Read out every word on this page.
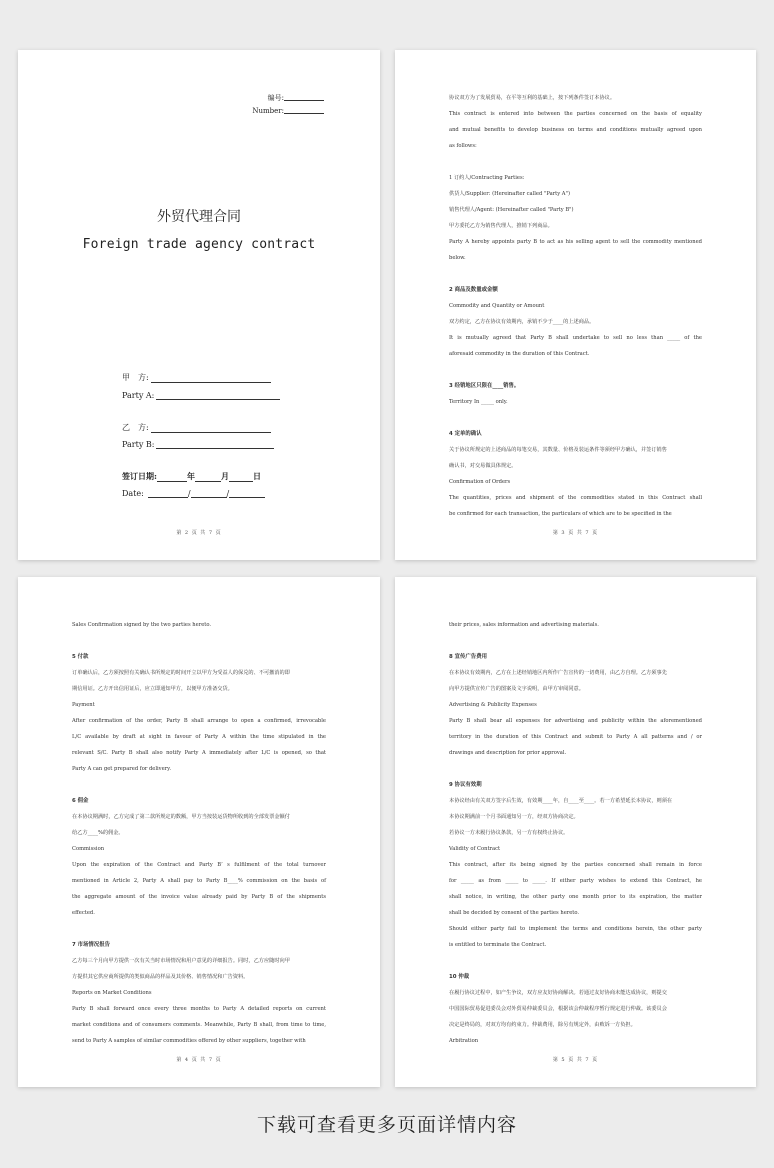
编号:
Number:
外贸代理合同
Foreign trade agency contract
甲　方:
Party A:
乙　方:
Party B:
签订日期:	年	月	日
Date:	/	/
第 2 页 共 7 页

协议双方为了发展贸易，在平等互利的基础上，按下列条件签订本协议。

This contract is entered into between the parties concerned on the basis of equality

and mutual benefits to develop business on terms and conditions mutually agreed upon

as follows:

1 订约人/Contracting Parties:

供货人/Supplier: (Hereinafter called "Party A")

销售代理人/Agent: (Hereinafter called "Party B")

甲方委托乙方为销售代理人，推销下列商品。

Party A hereby appoints party B to act as his selling agent to sell the commodity mentioned

below.

2 商品及数量或金额

Commodity and Quantity or Amount

双方约定，乙方在协议有效期内，承销不少于____的上述商品。

It is mutually agreed that Party B shall undertake to sell no less than _____ of the

aforesaid commodity in the duration of this Contract.

3 经销地区只限在____销售。

Territory In _____ only.

4 定单的确认

关于协议所规定的上述商品的每笔交易，其数量、价格及装运条件等须经甲方确认，并签订销售

确认书，对交易做具体规定。

Confirmation of Orders

The quantities, prices and shipment of the commodities stated in this Contract shall

be confirmed for each transaction, the particulars of which are to be specified in the

第 3 页 共 7 页

Sales Confirmation signed by the two parties hereto.

5 付款

订单确认后，乙方须按照有关确认书所规定的时间开立以甲方为受益人的保兑的、不可撤消的即

期信用证。乙方开出信用证后，应立即通知甲方，以便甲方准备交货。

Payment

After confirmation of the order, Party B shall arrange to open a confirmed, irrevocable

L/C available by draft at sight in favour of Party A within the time stipulated in the

relevant S/C. Party B shall also notify Party A immediately after L/C is opened, so that

Party A can get prepared for delivery.

6 佣金

在本协议期满时，乙方完成了第二款所规定的数额，甲方当按装运货物所收到的全部发票金额付

给乙方____%的佣金。

Commission

Upon the expiration of the Contract and Party B’ s fulfilment of the total turnover

mentioned in Article 2, Party A shall pay to Party B____% commission on the basis of

the aggregate amount of the invoice value already paid by Party B of the shipments

effected.

7 市场情况报告

乙方每三个月向甲方提供一次有关当时市场情况和用户意见的详细报告。同时，乙方应随时向甲

方提供其它供应商所提供的类似商品的样品及其价格、销售情况和广告资料。

Reports on Market Conditions

Party B shall forward once every three months to Party A detailed reports on current

market conditions and of consumers comments. Meanwhile, Party B shall, from time to time,

send to Party A samples of similar commodities offered by other suppliers, together with

第 4 页 共 7 页

their prices, sales information and advertising materials.

8 宣传广告费用

在本协议有效期内，乙方在上述经销地区内所作广告宣传的一切费用，由乙方自理。乙方须事先

向甲方提供宣传广告的图案及文字说明，由甲方审阅同意。

Advertising & Publicity Expenses

Party B shall bear all expenses for advertising and publicity within the aforementioned

territory in the duration of this Contract and submit to Party A all patterns and / or

drawings and description for prior approval.

9 协议有效期

本协议经由有关双方签字后生效，有效期____年，自____至____。若一方希望延长本协议，则须在

本协议期满前一个月书面通知另一方，经双方协商决定。

若协议一方未履行协议条款，另一方有权终止协议。

Validity of Contract

This contract, after its being signed by the parties concerned shall remain in force

for _____ as from _____ to _____. If either party wishes to extend this Contract, he

shall notice, in writing, the other party one month prior to its expiration, the matter

shall be decided by consent of the parties hereto.

Should either party fail to implement the terms and conditions herein, the other party

is entitled to terminate the Contract.

10 仲裁

在履行协议过程中，如产生争议，双方应友好协商解决。若通过友好协商未能达成协议，则提交

中国国际贸易促进委员会对外贸易仲裁委员会，根据该会仲裁程序暂行规定进行仲裁。该委员会

决定是终局的，对双方均有约束力。仲裁费用，除另有规定外，由败诉一方负担。

Arbitration

第 5 页 共 7 页
下载可查看更多页面详情内容
